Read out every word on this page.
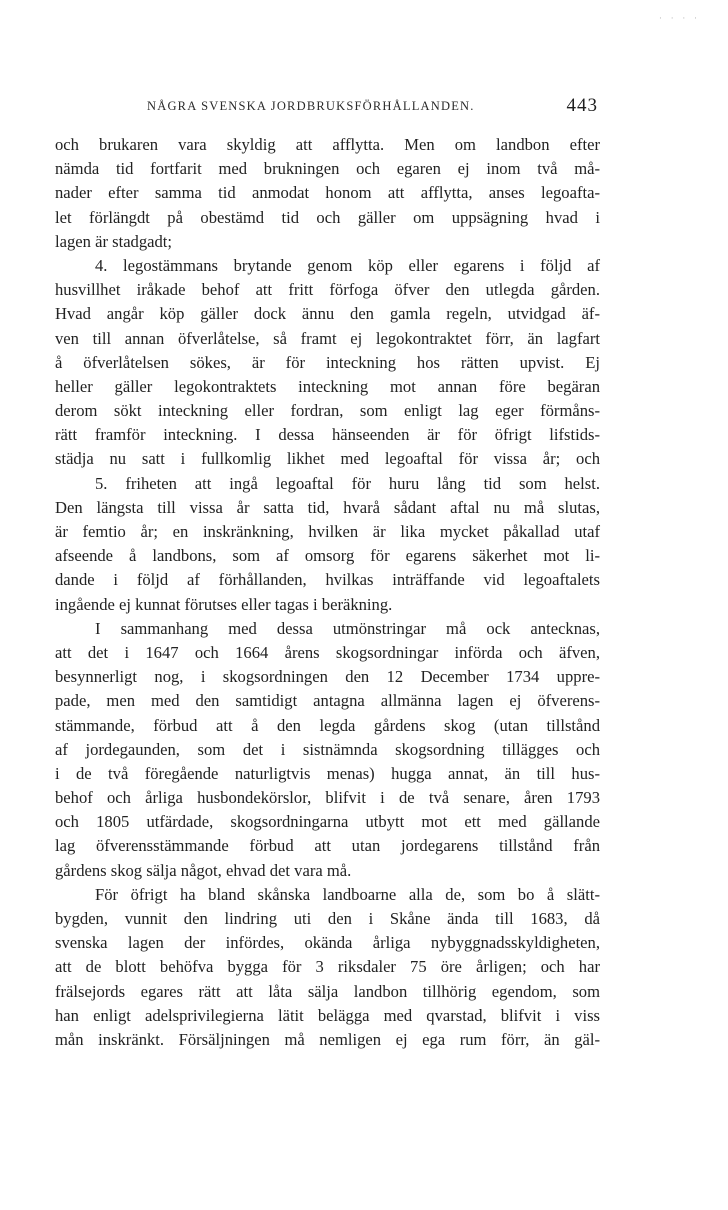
· · · ·
NÅGRA SVENSKA JORDBRUKSFÖRHÅLLANDEN.	443
och brukaren vara skyldig att afflytta. Men om landbon efter
nämda tid fortfarit med brukningen och egaren ej inom två må-
nader efter samma tid anmodat honom att afflytta, anses legoafta-
let förlängdt på obestämd tid och gäller om uppsägning hvad i
lagen är stadgadt;
4. legostämmans brytande genom köp eller egarens i följd af
husvillhet iråkade behof att fritt förfoga öfver den utlegda gården.
Hvad angår köp gäller dock ännu den gamla regeln, utvidgad äf-
ven till annan öfverlåtelse, så framt ej legokontraktet förr, än lagfart
å öfverlåtelsen sökes, är för inteckning hos rätten upvist. Ej
heller gäller legokontraktets inteckning mot annan före begäran
derom sökt inteckning eller fordran, som enligt lag eger förmåns-
rätt framför inteckning. I dessa hänseenden är för öfrigt lifstids-
städja nu satt i fullkomlig likhet med legoaftal för vissa år; och
5. friheten att ingå legoaftal för huru lång tid som helst.
Den längsta till vissa år satta tid, hvarå sådant aftal nu må slutas,
är femtio år; en inskränkning, hvilken är lika mycket påkallad utaf
afseende å landbons, som af omsorg för egarens säkerhet mot li-
dande i följd af förhållanden, hvilkas inträffande vid legoaftalets
ingående ej kunnat förutses eller tagas i beräkning.
I sammanhang med dessa utmönstringar må ock antecknas,
att det i 1647 och 1664 årens skogsordningar införda och äfven,
besynnerligt nog, i skogsordningen den 12 December 1734 uppre-
pade, men med den samtidigt antagna allmänna lagen ej öfverens-
stämmande, förbud att å den legda gårdens skog (utan tillstånd
af jordegaunden, som det i sistnämnda skogsordning tillägges och
i de två föregående naturligtvis menas) hugga annat, än till hus-
behof och årliga husbondekörslor, blifvit i de två senare, åren 1793
och 1805 utfärdade, skogsordningarna utbytt mot ett med gällande
lag öfverensstämmande förbud att utan jordegarens tillstånd från
gårdens skog sälja något, ehvad det vara må.
För öfrigt ha bland skånska landboarne alla de, som bo å slätt-
bygden, vunnit den lindring uti den i Skåne ända till 1683, då
svenska lagen der infördes, okända årliga nybyggnadsskyldigheten,
att de blott behöfva bygga för 3 riksdaler 75 öre årligen; och har
frälsejords egares rätt att låta sälja landbon tillhörig egendom, som
han enligt adelsprivilegierna lätit belägga med qvarstad, blifvit i viss
mån inskränkt. Försäljningen må nemligen ej ega rum förr, än gäl-
